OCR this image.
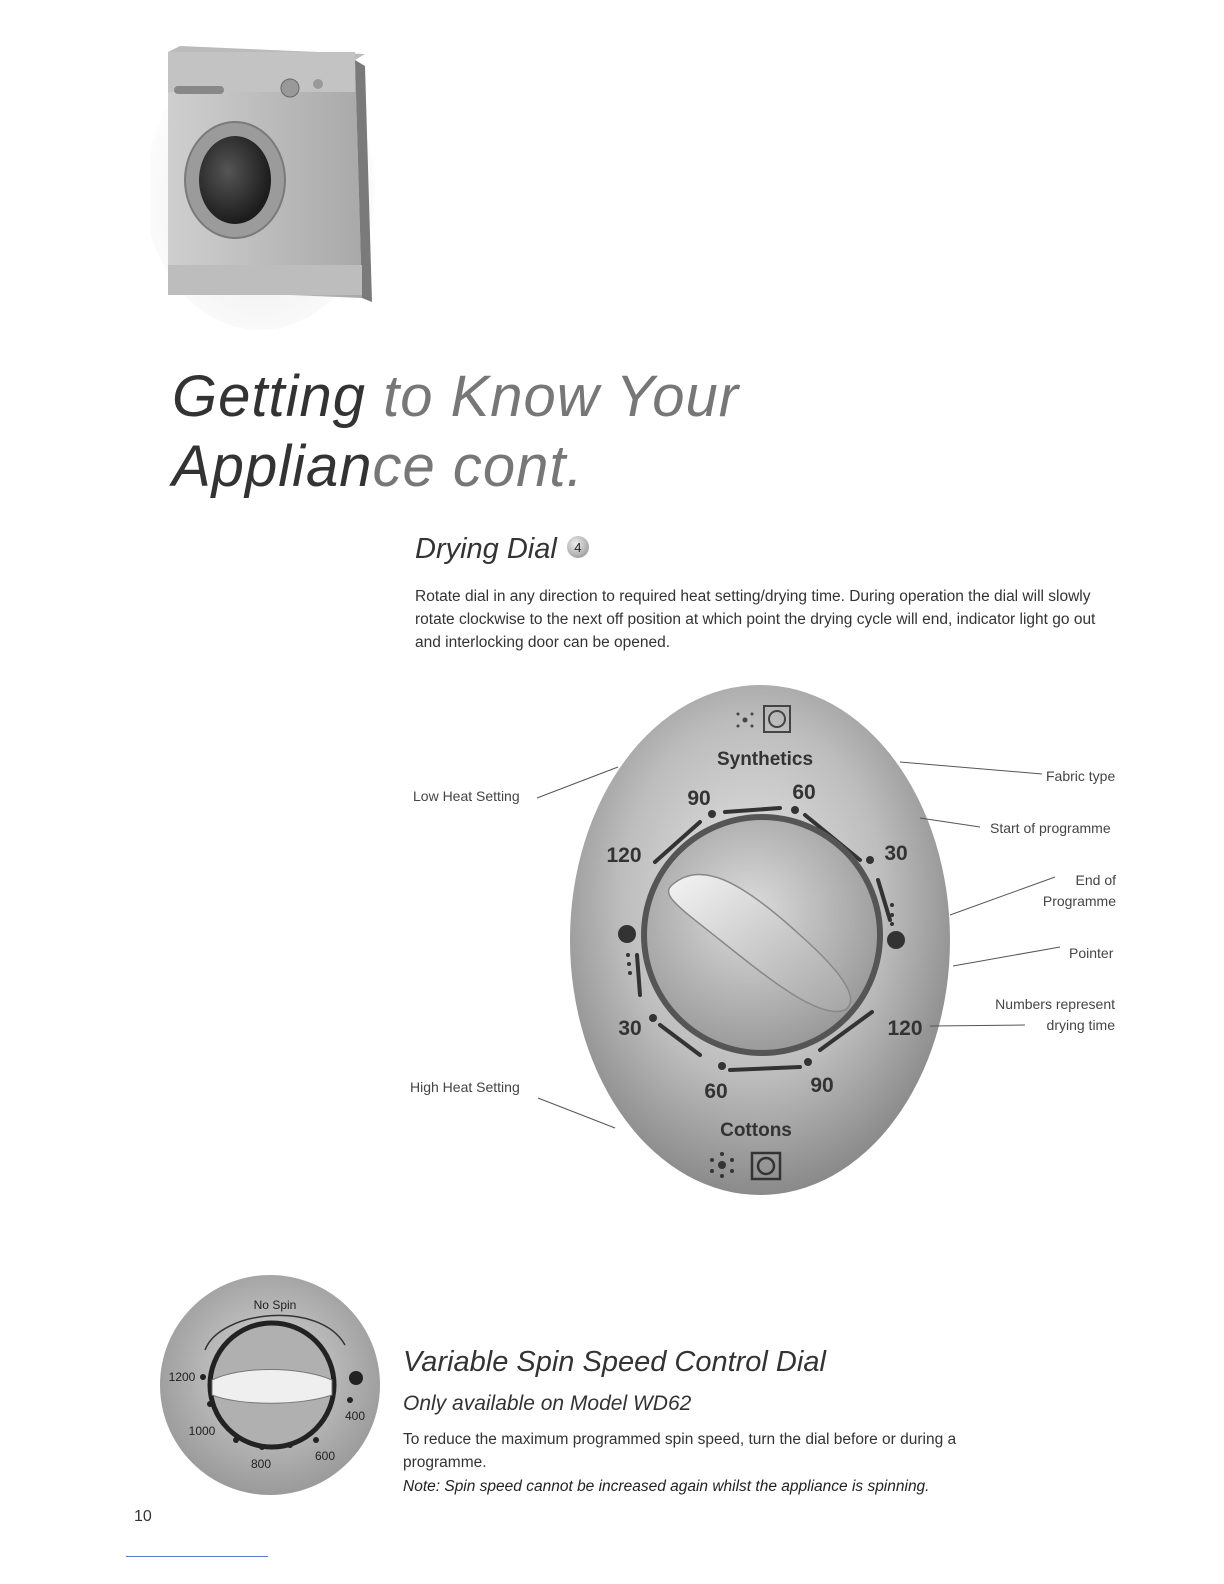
Getting to Know Your
Appliance cont.
Drying Dial 4
Rotate dial in any direction to required heat setting/drying time. During operation the dial will slowly rotate clockwise to the next off position at which point the drying cycle will end, indicator light go out and interlocking door can be opened.
Synthetics
90	60
120	30
30	120
60	90
Cottons
No Spin
1200
1000
800
600
400
Low Heat Setting
High Heat Setting
Fabric type
Start of programme
End of
Programme
Pointer
Numbers represent
drying time
Variable Spin Speed Control Dial
Only available on Model WD62
To reduce the maximum programmed spin speed, turn the dial before or during a programme.
Note: Spin speed cannot be increased again whilst the appliance is spinning.
10
